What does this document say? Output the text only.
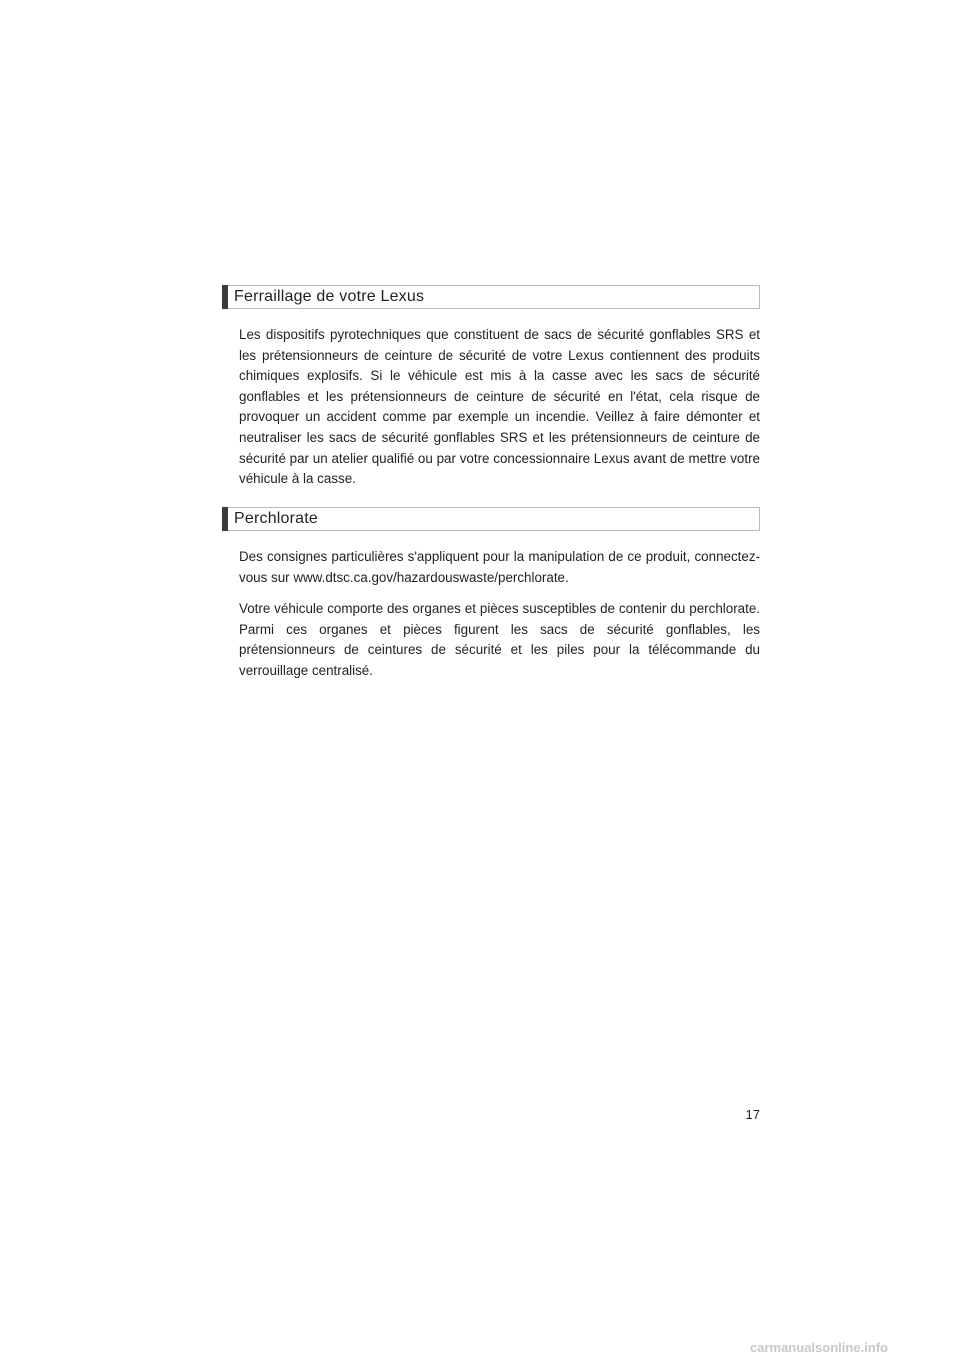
Ferraillage de votre Lexus

Les dispositifs pyrotechniques que constituent de sacs de sécurité gonflables SRS et les prétensionneurs de ceinture de sécurité de votre Lexus contiennent des produits chimiques explosifs. Si le véhicule est mis à la casse avec les sacs de sécurité gonflables et les prétensionneurs de ceinture de sécurité en l'état, cela risque de provoquer un accident comme par exemple un incendie. Veillez à faire démonter et neutraliser les sacs de sécurité gonflables SRS et les prétensionneurs de ceinture de sécurité par un atelier qualifié ou par votre concessionnaire Lexus avant de mettre votre véhicule à la casse.

Perchlorate

Des consignes particulières s'appliquent pour la manipulation de ce produit, connectez-vous sur www.dtsc.ca.gov/hazardouswaste/perchlorate.

Votre véhicule comporte des organes et pièces susceptibles de contenir du perchlorate. Parmi ces organes et pièces figurent les sacs de sécurité gonflables, les prétensionneurs de ceintures de sécurité et les piles pour la télécommande du verrouillage centralisé.

17
carmanualsonline.info
